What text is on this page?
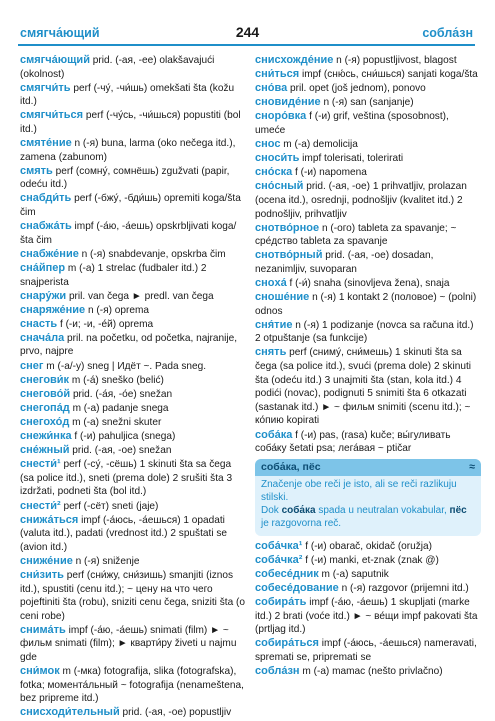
смягча́ющий	244	собла́зн
смягча́ющий prid. (-ая, -ее) olakšavajući (okolnost)
смягчи́ть perf (-чу́, -чи́шь) omekšati šta (kožu itd.)
смягчи́ться perf (-чу́сь, -чи́шься) popustiti (bol itd.)
смяте́ние n (-я) buna, larma (oko nečega itd.), zamena (zabunom)
смять perf (сомну́, сомнёшь) zgužvati (papir, odeću itd.)
снабди́ть perf (-бжу́, -бди́шь) opremiti koga/šta čim
снабжа́ть impf (-а́ю, -а́ешь) opskrbljivati koga/šta čim
снабже́ние n (-я) snabdevanje, opskrba čim
сна́йпер m (-а) 1 strelac (fudbaler itd.) 2 snajperista
снару́жи pril. van čega ► predl. van čega
снаряже́ние n (-я) oprema
снасть f (-и; -и, -е́й) oprema
снача́ла pril. na početku, od početka, najranije, prvo, najpre
снег m (-а/-у) sneg | Идёт ~. Pada sneg.
снегови́к m (-а́) sneško (belić)
снегово́й prid. (-а́я, -о́е) snežan
снегопа́д m (-а) padanje snega
снегохо́д m (-а) snežni skuter
снежи́нка f (-и) pahuljica (snega)
сне́жный prid. (-ая, -ое) snežan
снести́¹ perf (-су́, -сёшь) 1 skinuti šta sa čega (sa police itd.), sneti (prema dole) 2 srušiti šta 3 izdržati, podneti šta (bol itd.)
снести́² perf (-сёт) sneti (jaje)
снижа́ться impf (-а́юсь, -а́ешься) 1 opadati (valuta itd.), padati (vrednost itd.) 2 spuštati se (avion itd.)
сниже́ние n (-я) sniženje
сни́зить perf (сни́жу, сни́зишь) smanjiti (iznos itd.), spustiti (cenu itd.); ~ цену на что чего pojeftiniti šta (robu), sniziti cenu čega, sniziti šta (o ceni robe)
снима́ть impf (-а́ю, -а́ешь) snimati (film) ► ~ фильм snimati (film); ► кварти́ру živeti u najmu gde
сни́мок m (-мка) fotografija, slika (fotografska), fotka; момента́льный ~ fotografija (nenameštena, bez pripreme itd.)
снисходи́тельный prid. (-ая, -ое) popustljiv
снисхожде́ние n (-я) popustljivost, blagost
сни́ться impf (сню́сь, сни́шься) sanjati koga/šta
сно́ва pril. opet (još jednom), ponovo
сновиде́ние n (-я) san (sanjanje)
сноро́вка f (-и) grif, veština (sposobnost), umeće
снос m (-а) demolicija
сноси́ть impf tolerisati, tolerirati
сно́ска f (-и) napomena
сно́сный prid. (-ая, -ое) 1 prihvatljiv, prolazan (ocena itd.), osrednji, podnošljiv (kvalitet itd.) 2 podnošljiv, prihvatljiv
снотво́рное n (-ого) tableta za spavanje; ~ сре́дство tableta za spavanje
снотво́рный prid. (-ая, -ое) dosadan, nezanimljiv, suvoparan
снoxа́ f (-и́) snaha (sinovljeva žena), snaja
сноше́ние n (-я) 1 kontakt 2 (половое) ~ (polni) odnos
сня́тие n (-я) 1 podizanje (novca sa računa itd.) 2 otpuštanje (sa funkcije)
снять perf (сниму́, сни́мешь) 1 skinuti šta sa čega (sa police itd.), svući (prema dole) 2 skinuti šta (odeću itd.) 3 unajmiti šta (stan, kola itd.) 4 podići (novac), podignuti 5 snimiti šta 6 otkazati (sastanak itd.) ► ~ фильм snimiti (scenu itd.); ~ ко́пию kopirati
соба́ка f (-и) pas, (rasa) kuče; вы́гуливать соба́ку šetati psa; лега́вая ~ ptičar
соба́ка, пёс	≈
Značenje obe reči je isto, ali se reči razlikuju stilski.
Dok соба́ка spada u neutralan vokabular, пёс je razgovorna reč.
соба́чка¹ f (-и) obarač, okidač (oružja)
соба́чка² f (-и) manki, et-znak (znak @)
собесе́дник m (-а) saputnik
собесе́дование n (-я) razgovor (prijemni itd.)
собира́ть impf (-а́ю, -а́ешь) 1 skupljati (marke itd.) 2 brati (voće itd.) ► ~ ве́щи impf pakovati šta (prtljag itd.)
собира́ться impf (-а́юсь, -а́ешься) nameravati, spremati se, pripremati se
собла́зн m (-а) mamac (nešto privlačno)
